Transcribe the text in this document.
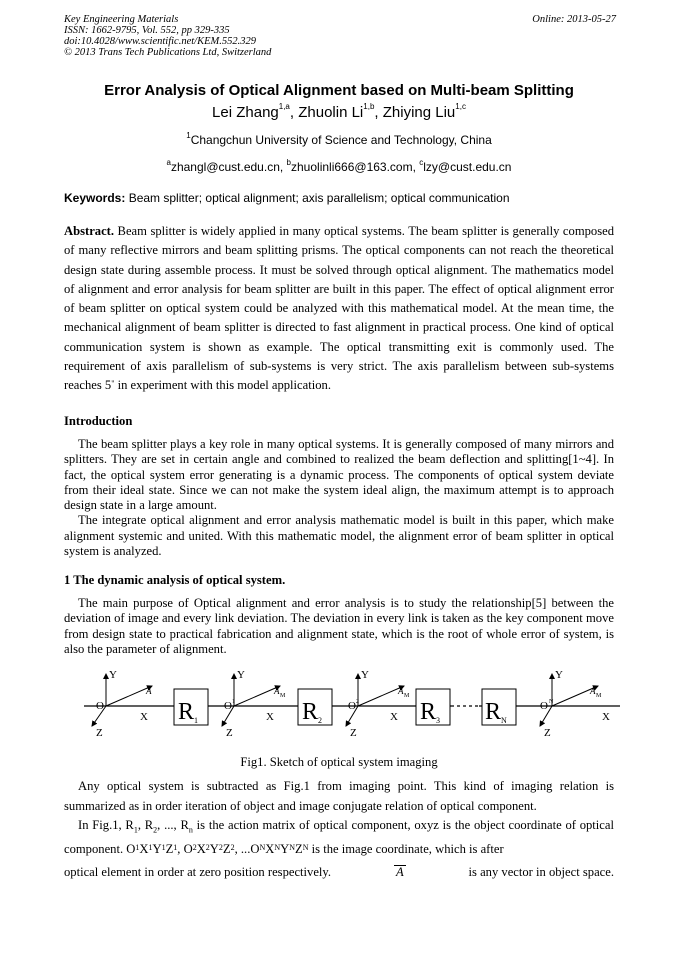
Key Engineering Materials
ISSN: 1662-9795, Vol. 552, pp 329-335
doi:10.4028/www.scientific.net/KEM.552.329
© 2013 Trans Tech Publications Ltd, Switzerland
Online: 2013-05-27
Error Analysis of Optical Alignment based on Multi-beam Splitting
Lei Zhang$^{1,a}$, Zhuolin Li$^{1,b}$, Zhiying Liu$^{1,c}$
$^1$Changchun University of Science and Technology, China
$^a$zhangl@cust.edu.cn, $^b$zhuolinli666@163.com, $^c$lzy@cust.edu.cn
Keywords: Beam splitter; optical alignment; axis parallelism; optical communication
Abstract. Beam splitter is widely applied in many optical systems. The beam splitter is generally composed of many reflective mirrors and beam splitting prisms. The optical components can not reach the theoretical design state during assemble process. It must be solved through optical alignment. The mathematics model of alignment and error analysis for beam splitter are built in this paper. The effect of optical alignment error of beam splitter on optical system could be analyzed with this mathematical model. At the mean time, the mechanical alignment of beam splitter is directed to fast alignment in practical process. One kind of optical communication system is shown as example. The optical transmitting exit is commonly used. The requirement of axis parallelism of sub-systems is very strict. The axis parallelism between sub-systems reaches 5" in experiment with this model application.
Introduction

The beam splitter plays a key role in many optical systems. It is generally composed of many mirrors and splitters. They are set in certain angle and combined to realized the beam deflection and splitting[1~4]. In fact, the optical system error generating is a dynamic process. The components of optical system deviate from their ideal state. Since we can not make the system ideal align, the maximum attempt is to approach design state in a large amount.

The integrate optical alignment and error analysis mathematic model is built in this paper, which make alignment systemic and united. With this mathematic model, the alignment error of beam splitter in optical system is analyzed.

1 The dynamic analysis of optical system.

The main purpose of Optical alignment and error analysis is to study the relationship[5] between the deviation of image and every link deviation. The deviation in every link is taken as the key component move from design state to practical fabrication and alignment state, which is the root of whole error of system, is also the parameter of alignment.

Y
O
X
Z
A
R 1
Y
O 1
X
Z
A M
R 2
Y
O 2
X
Z
A M
R 3 R N
Y
O N
X
Z
A M
Fig1. Sketch of optical system imaging

Any optical system is subtracted as Fig.1 from imaging point. This kind of imaging relation is summarized as in order iteration of object and image conjugate relation of optical component.

In Fig.1, $R_1$, $R_2$, ..., $R_n$ is the action matrix of optical component, oxyz is the object coordinate of optical component. $O^1X^1Y^1Z^1$, $O^2X^2Y^2Z^2$, $...O^NX^NY^NZ^N$ is the image coordinate, which is after

optical element in order at zero position respectively.	A	is any vector in object space.
